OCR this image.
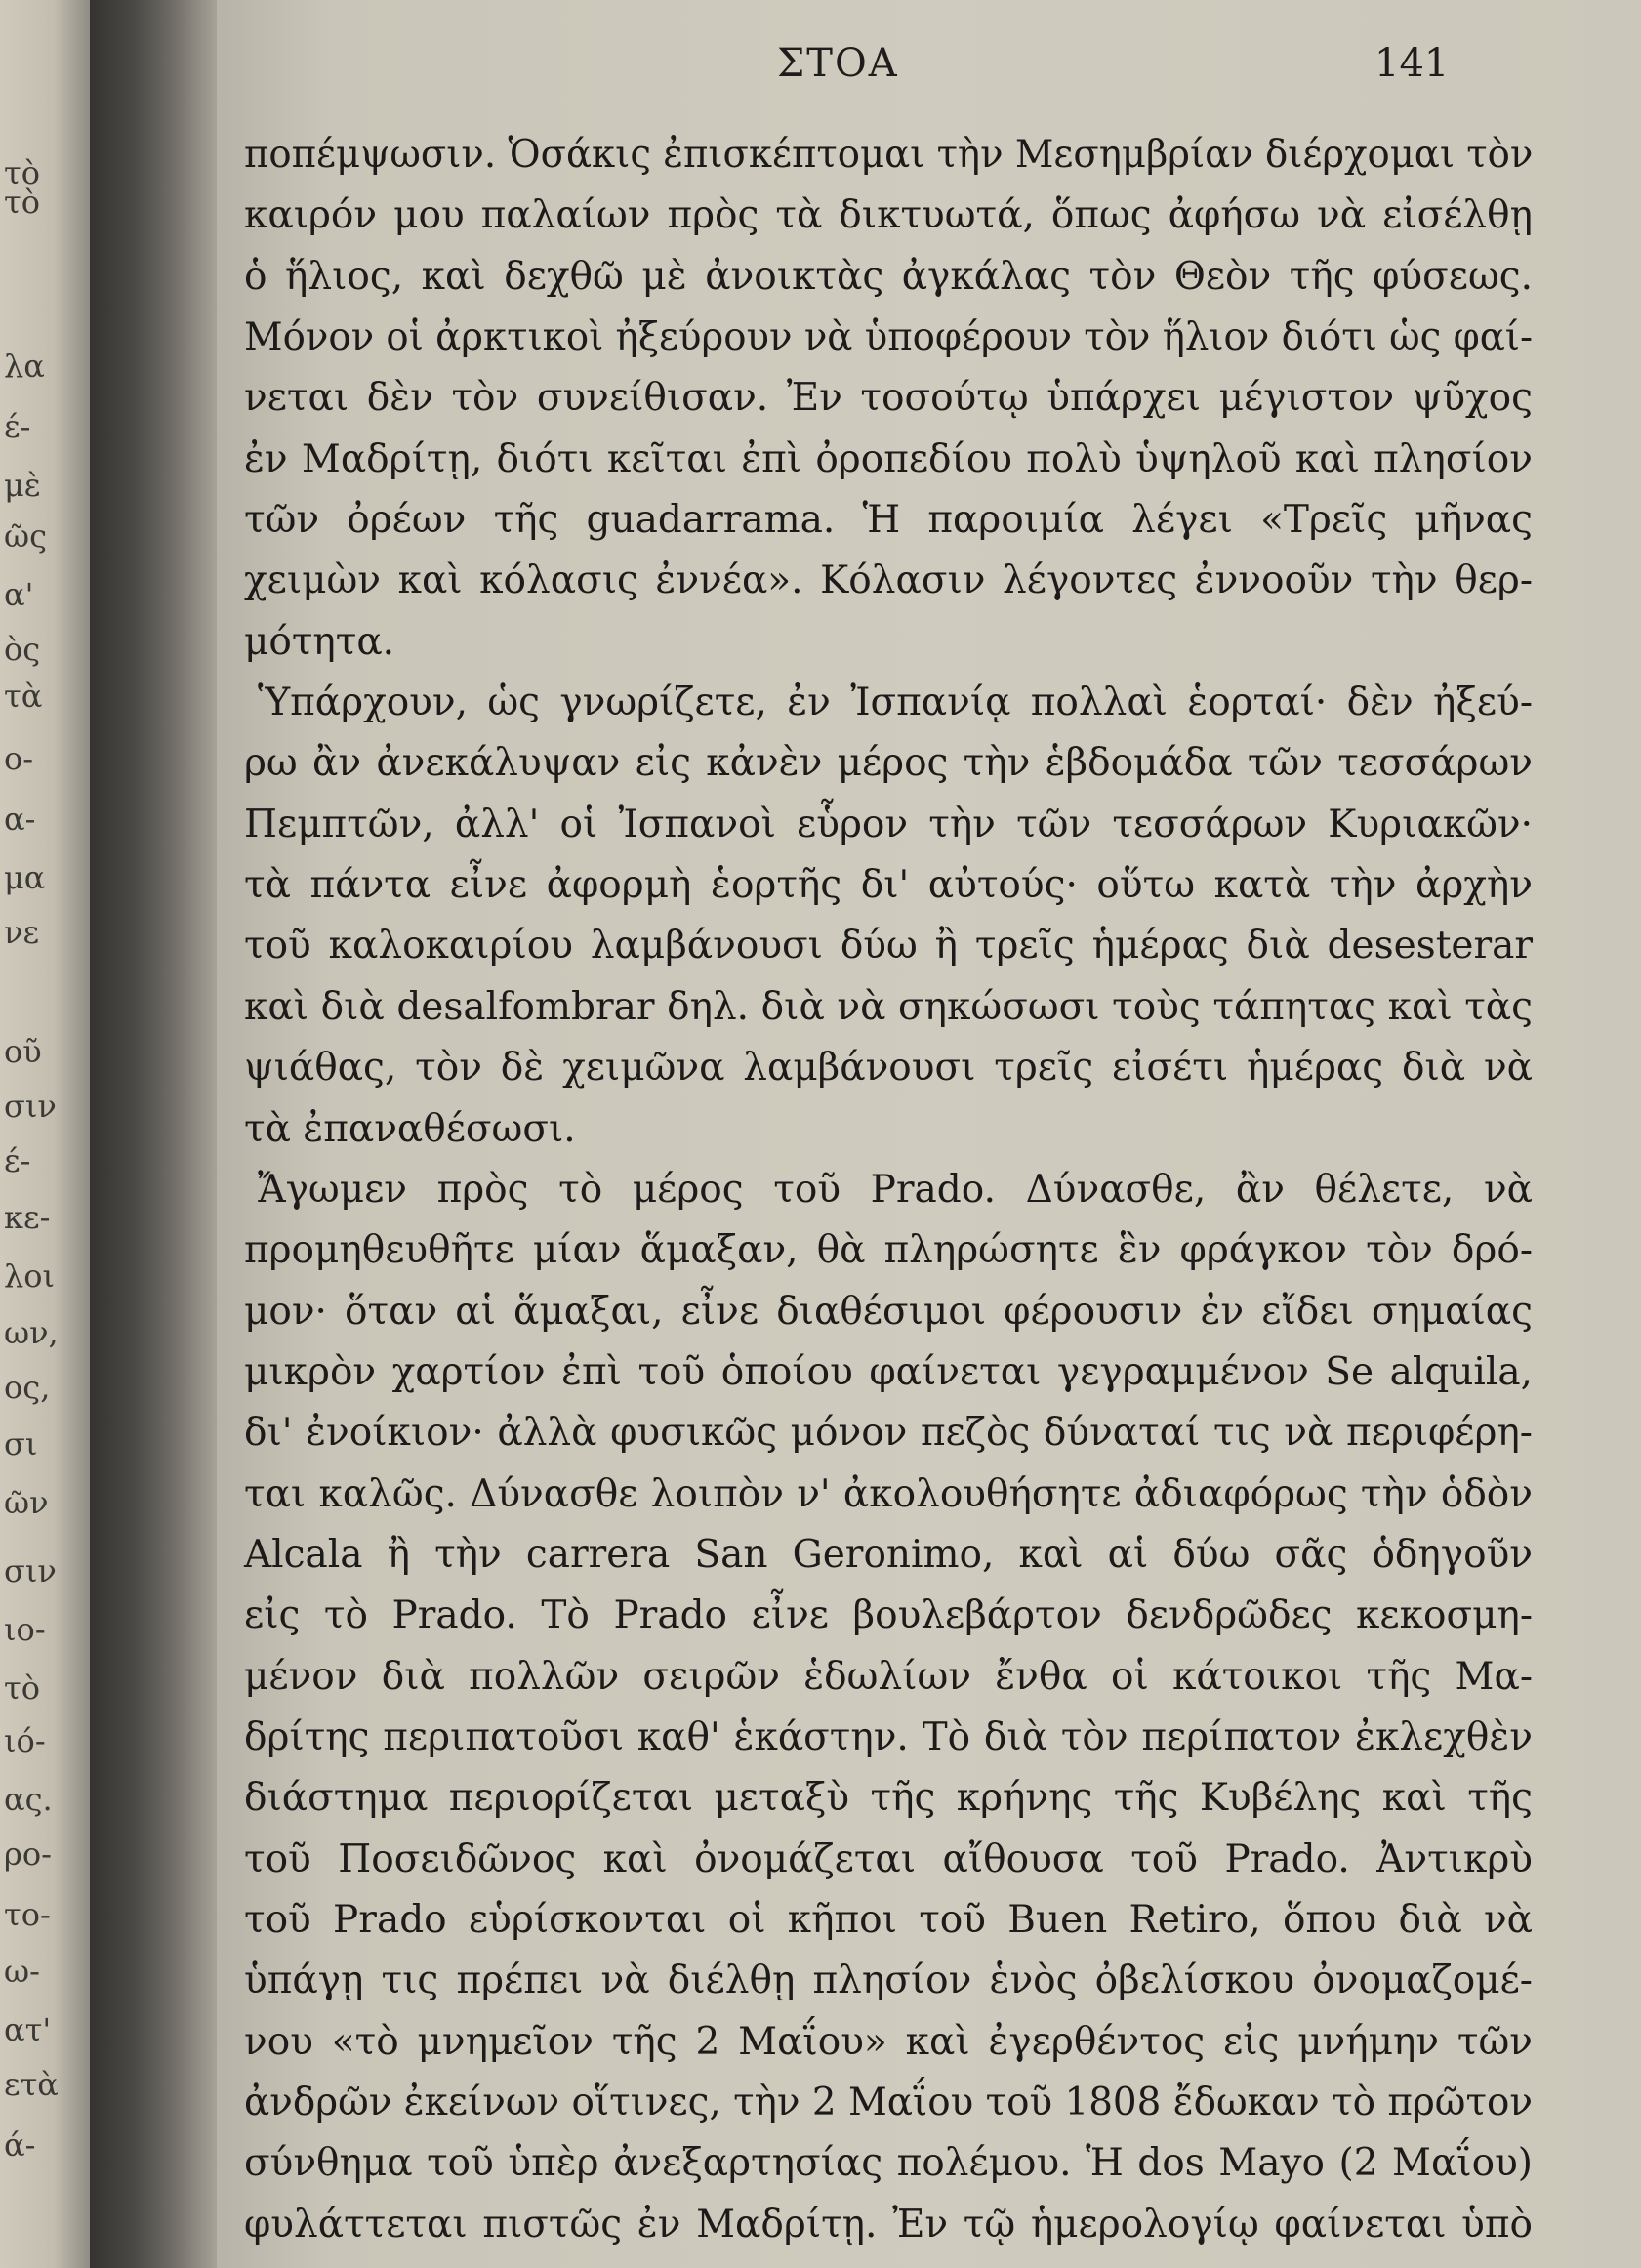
τὸ
τὸ
λα
έ-
μὲ
ῶς
α'
ὸς
τὰ
ο-
α-
μα
νε
οῦ
σιν
έ-
κε-
λοι
ων,
ος,
σι
ῶν
σιν
ιο-
τὸ
ιό-
ας.
ρο-
το-
ω-
ατ'
ετὰ
ά-
ΣΤΟΑ	141
ποπέμψωσιν. Ὁσάκις ἐπισκέπτομαι τὴν Μεσημβρίαν διέρχομαι τὸν
καιρόν μου παλαίων πρὸς τὰ δικτυωτά, ὅπως ἀφήσω νὰ εἰσέλθῃ
ὁ ἥλιος, καὶ δεχθῶ μὲ ἀνοικτὰς ἀγκάλας τὸν Θεὸν τῆς φύσεως.
Μόνον οἱ ἀρκτικοὶ ἠξεύρουν νὰ ὑποφέρουν τὸν ἥλιον διότι ὡς φαί-
νεται δὲν τὸν συνείθισαν. Ἐν τοσούτῳ ὑπάρχει μέγιστον ψῦχος
ἐν Μαδρίτῃ, διότι κεῖται ἐπὶ ὀροπεδίου πολὺ ὑψηλοῦ καὶ πλησίον
τῶν ὀρέων τῆς guadarrama. Ἡ παροιμία λέγει «Τρεῖς μῆνας
χειμὼν καὶ κόλασις ἐννέα». Κόλασιν λέγοντες ἐννοοῦν τὴν θερ-
μότητα.
Ὑπάρχουν, ὡς γνωρίζετε, ἐν Ἰσπανίᾳ πολλαὶ ἑορταί· δὲν ἠξεύ-
ρω ἂν ἀνεκάλυψαν εἰς κἀνὲν μέρος τὴν ἑβδομάδα τῶν τεσσάρων
Πεμπτῶν, ἀλλ' οἱ Ἰσπανοὶ εὗρον τὴν τῶν τεσσάρων Κυριακῶν·
τὰ πάντα εἶνε ἀφορμὴ ἑορτῆς δι' αὐτούς· οὕτω κατὰ τὴν ἀρχὴν
τοῦ καλοκαιρίου λαμβάνουσι δύω ἢ τρεῖς ἡμέρας διὰ desesterar
καὶ διὰ desalfombrar δηλ. διὰ νὰ σηκώσωσι τοὺς τάπητας καὶ τὰς
ψιάθας, τὸν δὲ χειμῶνα λαμβάνουσι τρεῖς εἰσέτι ἡμέρας διὰ νὰ
τὰ ἐπαναθέσωσι.
Ἄγωμεν πρὸς τὸ μέρος τοῦ Prado. Δύνασθε, ἂν θέλετε, νὰ
προμηθευθῆτε μίαν ἅμαξαν, θὰ πληρώσητε ἓν φράγκον τὸν δρό-
μον· ὅταν αἱ ἅμαξαι, εἶνε διαθέσιμοι φέρουσιν ἐν εἴδει σημαίας
μικρὸν χαρτίον ἐπὶ τοῦ ὁποίου φαίνεται γεγραμμένον Se alquila,
δι' ἐνοίκιον· ἀλλὰ φυσικῶς μόνον πεζὸς δύναταί τις νὰ περιφέρη-
ται καλῶς. Δύνασθε λοιπὸν ν' ἀκολουθήσητε ἀδιαφόρως τὴν ὁδὸν
Alcala ἢ τὴν carrera San Geronimo, καὶ αἱ δύω σᾶς ὁδηγοῦν
εἰς τὸ Prado. Τὸ Prado εἶνε βουλεβάρτον δενδρῶδες κεκοσμη-
μένον διὰ πολλῶν σειρῶν ἑδωλίων ἔνθα οἱ κάτοικοι τῆς Μα-
δρίτης περιπατοῦσι καθ' ἑκάστην. Τὸ διὰ τὸν περίπατον ἐκλεχθὲν
διάστημα περιορίζεται μεταξὺ τῆς κρήνης τῆς Κυβέλης καὶ τῆς
τοῦ Ποσειδῶνος καὶ ὀνομάζεται αἴθουσα τοῦ Prado. Ἀντικρὺ
τοῦ Prado εὑρίσκονται οἱ κῆποι τοῦ Buen Retiro, ὅπου διὰ νὰ
ὑπάγῃ τις πρέπει νὰ διέλθῃ πλησίον ἑνὸς ὀβελίσκου ὀνομαζομέ-
νου «τὸ μνημεῖον τῆς 2 Μαΐου» καὶ ἐγερθέντος εἰς μνήμην τῶν
ἀνδρῶν ἐκείνων οἵτινες, τὴν 2 Μαΐου τοῦ 1808 ἔδωκαν τὸ πρῶτον
σύνθημα τοῦ ὑπὲρ ἀνεξαρτησίας πολέμου. Ἡ dos Mayo (2 Μαΐου)
φυλάττεται πιστῶς ἐν Μαδρίτῃ. Ἐν τῷ ἡμερολογίῳ φαίνεται ὑπὸ
